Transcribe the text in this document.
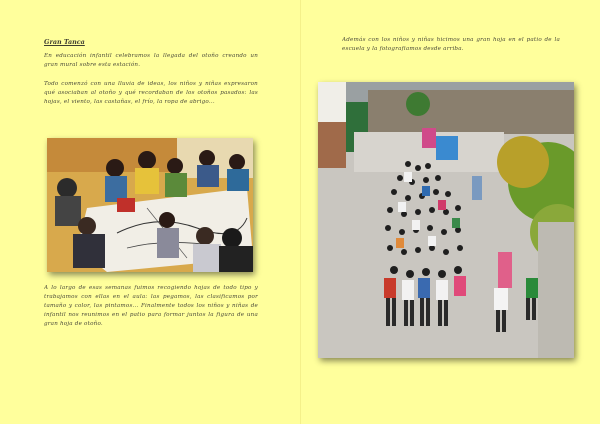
Gran Tanca
En educación infantil celebramos la llegada del otoño creando un gran mural sobre esta estación.
Todo comenzó con una lluvia de ideas, los niños y niñas expresaron qué asociaban al otoño y qué recordaban de los otoños pasados: las hojas, el viento, las castañas, el frío, la ropa de abrigo...
A lo largo de esas semanas fuimos recogiendo hojas de todo tipo y trabajamos con ellas en el aula: las pegamos, las clasificamos por tamaño y color, las pintamos... Finalmente todos los niños y niñas de infantil nos reunimos en el patio para formar juntos la figura de una gran hoja de otoño.
Además con los niños y niñas hicimos una gran hoja en el patio de la escuela y la fotografiamos desde arriba.
